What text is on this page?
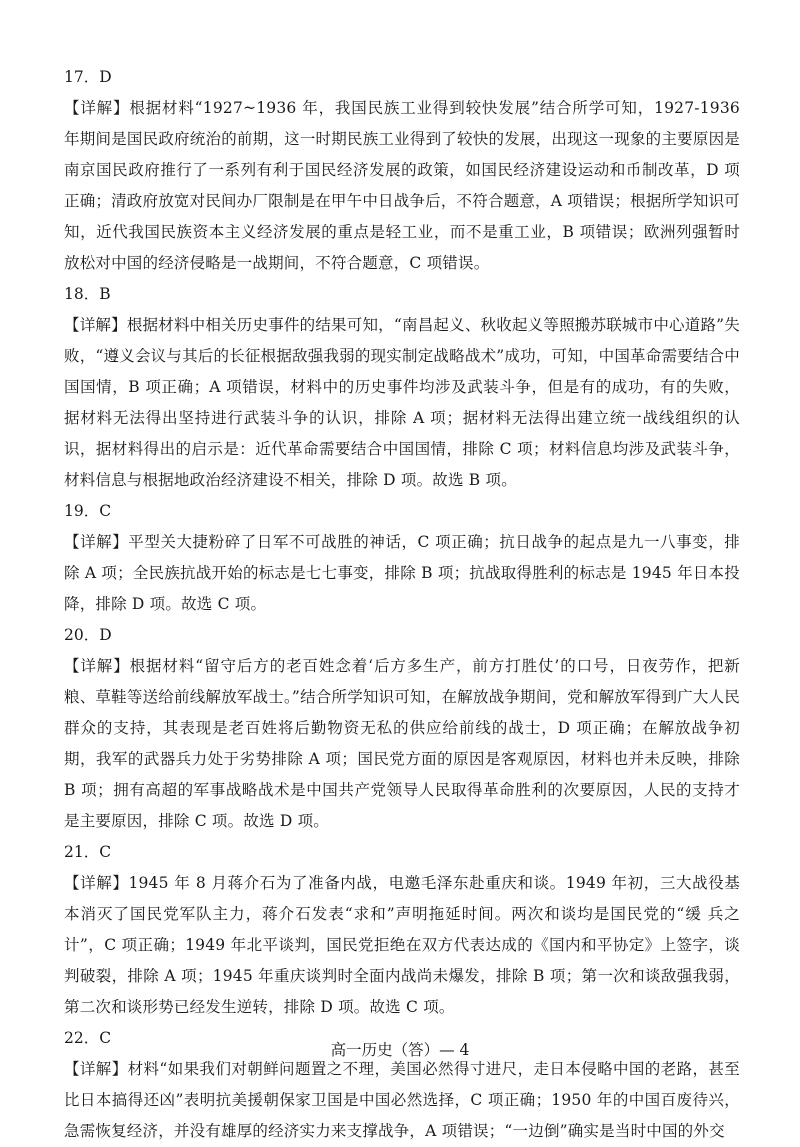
17．D

【详解】根据材料“1927~1936 年，我国民族工业得到较快发展”结合所学可知，1927-1936 年期间是国民政府统治的前期，这一时期民族工业得到了较快的发展，出现这一现象的主要原因是南京国民政府推行了一系列有利于国民经济发展的政策，如国民经济建设运动和币制改革，D 项正确；清政府放宽对民间办厂限制是在甲午中日战争后，不符合题意，A 项错误；根据所学知识可知，近代我国民族资本主义经济发展的重点是轻工业，而不是重工业，B 项错误；欧洲列强暂时放松对中国的经济侵略是一战期间，不符合题意，C 项错误。

18．B

【详解】根据材料中相关历史事件的结果可知，“南昌起义、秋收起义等照搬苏联城市中心道路”失败，“遵义会议与其后的长征根据敌强我弱的现实制定战略战术”成功，可知，中国革命需要结合中国国情，B 项正确；A 项错误，材料中的历史事件均涉及武装斗争，但是有的成功，有的失败，据材料无法得出坚持进行武装斗争的认识，排除 A 项；据材料无法得出建立统一战线组织的认识，据材料得出的启示是：近代革命需要结合中国国情，排除 C 项；材料信息均涉及武装斗争，材料信息与根据地政治经济建设不相关，排除 D 项。故选 B 项。

19．C

【详解】平型关大捷粉碎了日军不可战胜的神话，C 项正确；抗日战争的起点是九一八事变，排除 A 项；全民族抗战开始的标志是七七事变，排除 B 项；抗战取得胜利的标志是 1945 年日本投降，排除 D 项。故选 C 项。

20．D

【详解】根据材料“留守后方的老百姓念着‘后方多生产，前方打胜仗’的口号，日夜劳作，把新粮、草鞋等送给前线解放军战士。”结合所学知识可知，在解放战争期间，党和解放军得到广大人民群众的支持，其表现是老百姓将后勤物资无私的供应给前线的战士，D 项正确；在解放战争初期，我军的武器兵力处于劣势排除 A 项；国民党方面的原因是客观原因，材料也并未反映，排除 B 项；拥有高超的军事战略战术是中国共产党领导人民取得革命胜利的次要原因，人民的支持才是主要原因，排除 C 项。故选 D 项。

21．C

【详解】1945 年 8 月蒋介石为了准备内战，电邀毛泽东赴重庆和谈。1949 年初，三大战役基 本消灭了国民党军队主力，蒋介石发表“求和”声明拖延时间。两次和谈均是国民党的“缓 兵之计”，C 项正确；1949 年北平谈判，国民党拒绝在双方代表达成的《国内和平协定》上签字，谈判破裂，排除 A 项；1945 年重庆谈判时全面内战尚未爆发，排除 B 项；第一次和谈敌强我弱，第二次和谈形势已经发生逆转，排除 D 项。故选 C 项。

22．C

【详解】材料“如果我们对朝鲜问题置之不理，美国必然得寸进尺，走日本侵略中国的老路，甚至比日本搞得还凶”表明抗美援朝保家卫国是中国必然选择，C 项正确；1950 年的中国百废待兴，急需恢复经济，并没有雄厚的经济实力来支撑战争，A 项错误；“一边倒”确实是当时中国的外交

高一历史（答）— 4
